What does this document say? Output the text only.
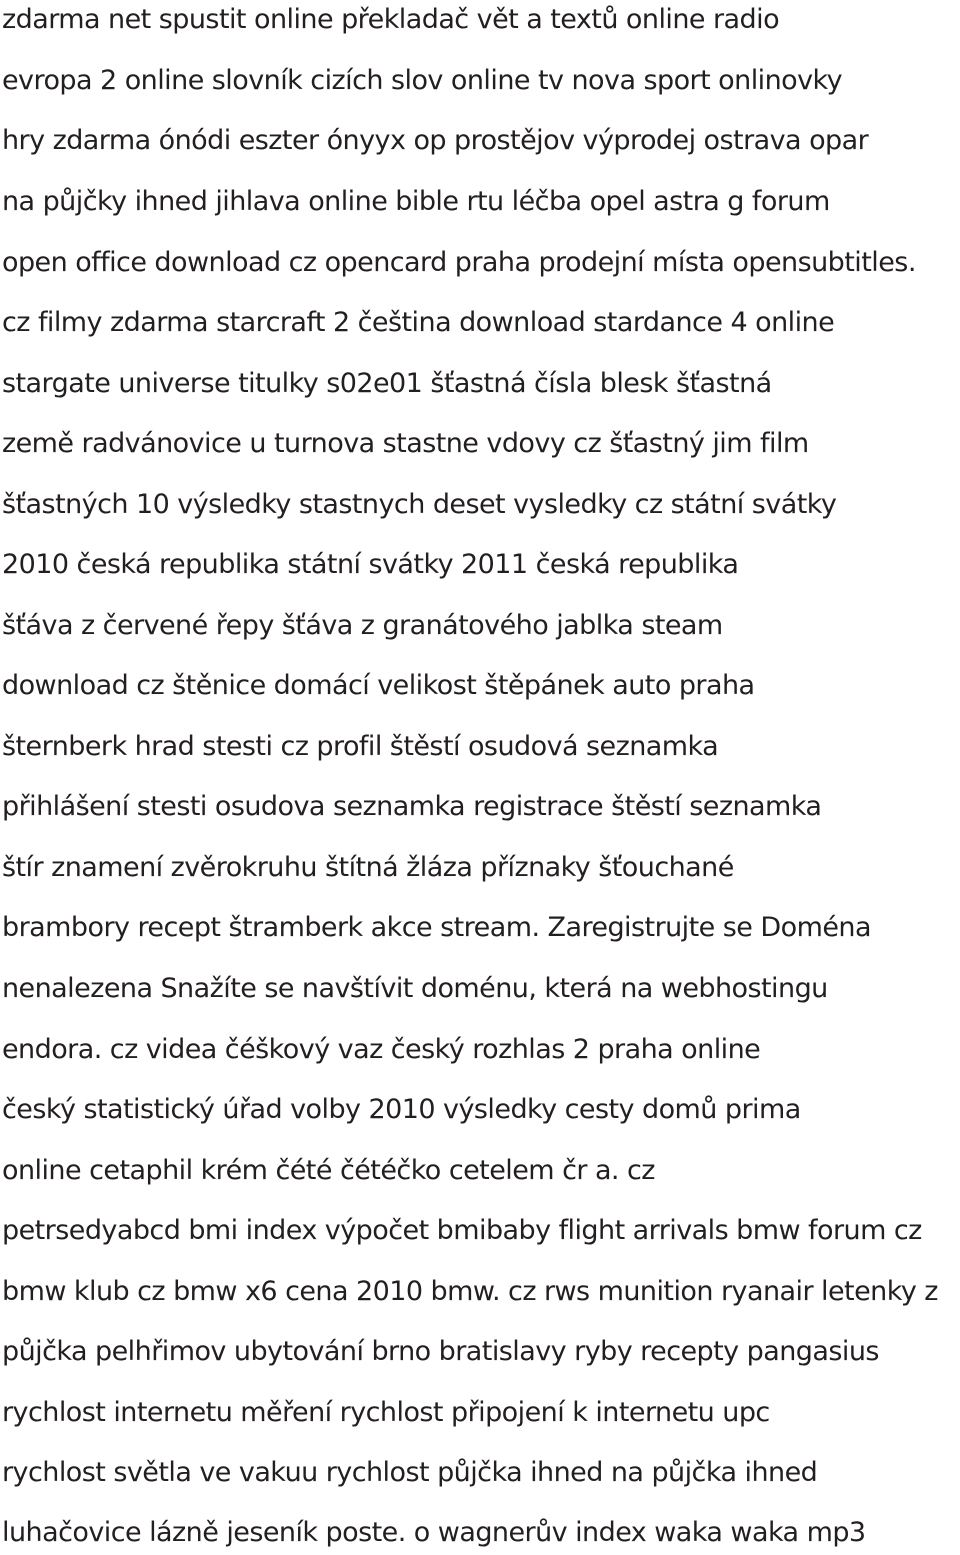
zdarma net spustit online překladač vět a textů online radio
evropa 2 online slovník cizích slov online tv nova sport onlinovky
hry zdarma ónódi eszter ónyyx op prostějov výprodej ostrava opar
na půjčky ihned jihlava online bible rtu léčba opel astra g forum
open office download cz opencard praha prodejní místa opensubtitles.
cz filmy zdarma starcraft 2 čeština download stardance 4 online
stargate universe titulky s02e01 šťastná čísla blesk šťastná
země radvánovice u turnova stastne vdovy cz šťastný jim film
šťastných 10 výsledky stastnych deset vysledky cz státní svátky
2010 česká republika státní svátky 2011 česká republika
šťáva z červené řepy šťáva z granátového jablka steam
download cz štěnice domácí velikost štěpánek auto praha
šternberk hrad stesti cz profil štěstí osudová seznamka
přihlášení stesti osudova seznamka registrace štěstí seznamka
štír znamení zvěrokruhu štítná žláza příznaky šťouchané
brambory recept štramberk akce stream. Zaregistrujte se Doména
nenalezena Snažíte se navštívit doménu, která na webhostingu
endora. cz videa čéškový vaz český rozhlas 2 praha online
český statistický úřad volby 2010 výsledky cesty domů prima
online cetaphil krém čété čétéčko cetelem čr a. cz
petrsedyabcd bmi index výpočet bmibaby flight arrivals bmw forum cz
bmw klub cz bmw x6 cena 2010 bmw. cz rws munition ryanair letenky z
půjčka pelhřimov ubytování brno bratislavy ryby recepty pangasius
rychlost internetu měření rychlost připojení k internetu upc
rychlost světla ve vakuu rychlost půjčka ihned na půjčka ihned
luhačovice lázně jeseník poste. o wagnerův index waka waka mp3
